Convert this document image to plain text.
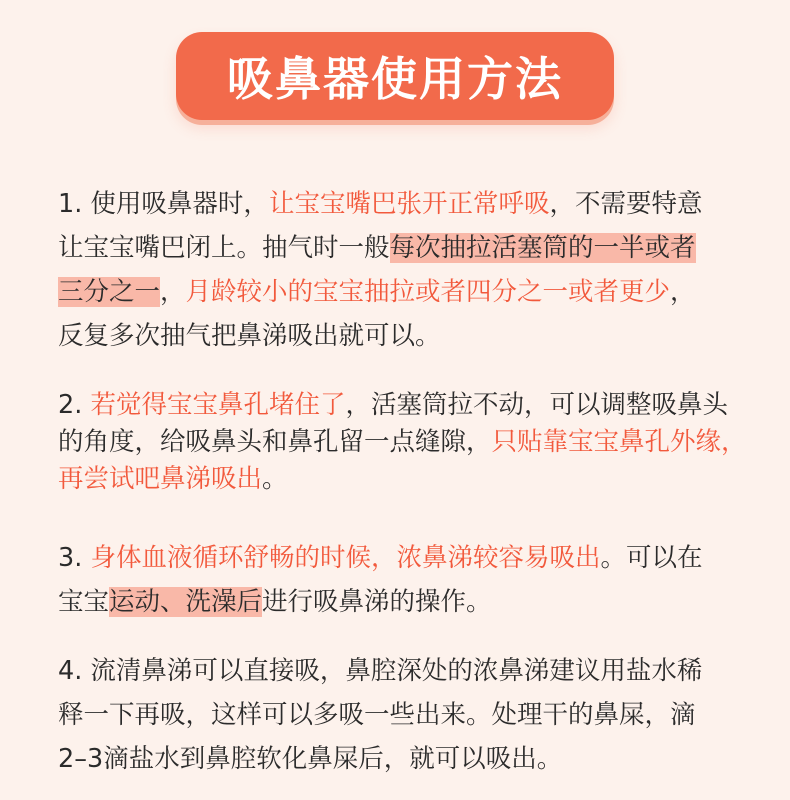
吸鼻器使用方法
1. 使用吸鼻器时，让宝宝嘴巴张开正常呼吸，不需要特意
让宝宝嘴巴闭上。抽气时一般每次抽拉活塞筒的一半或者
三分之一，月龄较小的宝宝抽拉或者四分之一或者更少，
反复多次抽气把鼻涕吸出就可以。
2. 若觉得宝宝鼻孔堵住了，活塞筒拉不动，可以调整吸鼻头
的角度，给吸鼻头和鼻孔留一点缝隙，只贴靠宝宝鼻孔外缘，
再尝试吧鼻涕吸出。
3. 身体血液循环舒畅的时候，浓鼻涕较容易吸出。可以在
宝宝运动、洗澡后进行吸鼻涕的操作。
4. 流清鼻涕可以直接吸，鼻腔深处的浓鼻涕建议用盐水稀
释一下再吸，这样可以多吸一些出来。处理干的鼻屎，滴
2–3滴盐水到鼻腔软化鼻屎后，就可以吸出。
